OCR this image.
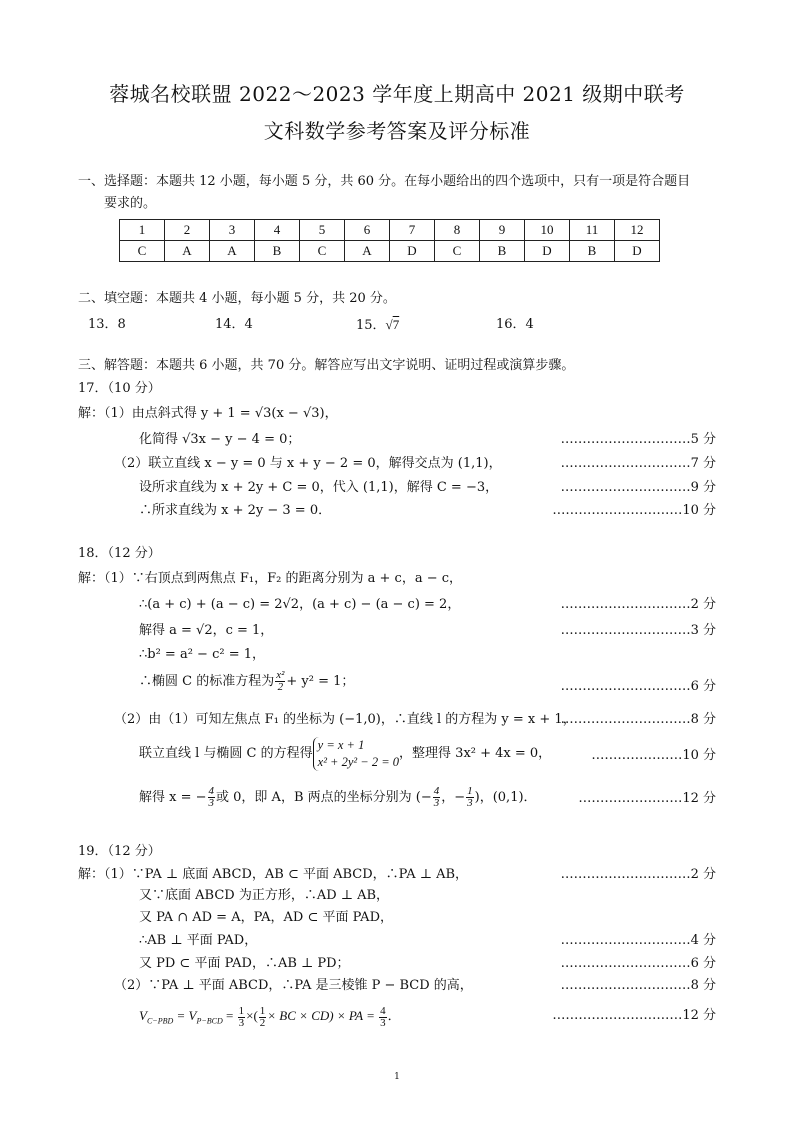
蓉城名校联盟 2022～2023 学年度上期高中 2021 级期中联考
文科数学参考答案及评分标准
一、选择题：本题共 12 小题，每小题 5 分，共 60 分。在每小题给出的四个选项中，只有一项是符合题目
要求的。
1	2	3	4	5	6	7	8	9	10	11	12
C	A	A	B	C	A	D	C	B	D	B	D
二、填空题：本题共 4 小题，每小题 5 分，共 20 分。
13．8	14．4	15．√7	16．4
三、解答题：本题共 6 小题，共 70 分。解答应写出文字说明、证明过程或演算步骤。
17．（10 分）
解：（1）由点斜式得 y + 1 = √3(x − √3)，
化简得 √3x − y − 4 = 0；	…………………………5 分
（2）联立直线 x − y = 0 与 x + y − 2 = 0，解得交点为 (1,1)，	…………………………7 分
设所求直线为 x + 2y + C = 0，代入 (1,1)，解得 C = −3，	…………………………9 分
∴所求直线为 x + 2y − 3 = 0．	…………………………10 分
18．（12 分）
解：（1）∵右顶点到两焦点 F₁，F₂ 的距离分别为 a + c，a − c，
∴(a + c) + (a − c) = 2√2，(a + c) − (a − c) = 2，	…………………………2 分
解得 a = √2，c = 1，	…………………………3 分
∴b² = a² − c² = 1，
∴椭圆 C 的标准方程为 $\frac{\text{x²}}{2} + y^2 = 1$；	…………………………6 分
（2）由（1）可知左焦点 F₁ 的坐标为 (−1,0)，∴直线 l 的方程为 y = x + 1，
…………………………8 分
联立直线 l 与椭圆 C 的方程得
y = x + 1
x² + 2y² − 2 = 0
，整理得 3x² + 4x = 0，	…………………10 分
解得 x = − $\frac{4}{3}$ 或 0，即 A，B 两点的坐标分别为 (− $\frac{4}{3}$ ，− $\frac{1}{3}$ )，(0,1)．	……………………12 分
19．（12 分）
解：（1）∵PA ⊥ 底面 ABCD，AB ⊂ 平面 ABCD，∴PA ⊥ AB，	…………………………2 分
又∵底面 ABCD 为正方形，∴AD ⊥ AB，
又 PA ∩ AD = A，PA，AD ⊂ 平面 PAD，
∴AB ⊥ 平面 PAD，	…………………………4 分
又 PD ⊂ 平面 PAD，∴AB ⊥ PD；	…………………………6 分
（2）∵PA ⊥ 平面 ABCD，∴PA 是三棱锥 P − BCD 的高，	…………………………8 分
$V_{C-PBD} = V_{P-BCD} = \frac{1}{3}$ ×( $\frac{1}{2}$ × BC × CD) × PA = $\frac{4}{3}$ ．	…………………………12 分
1
